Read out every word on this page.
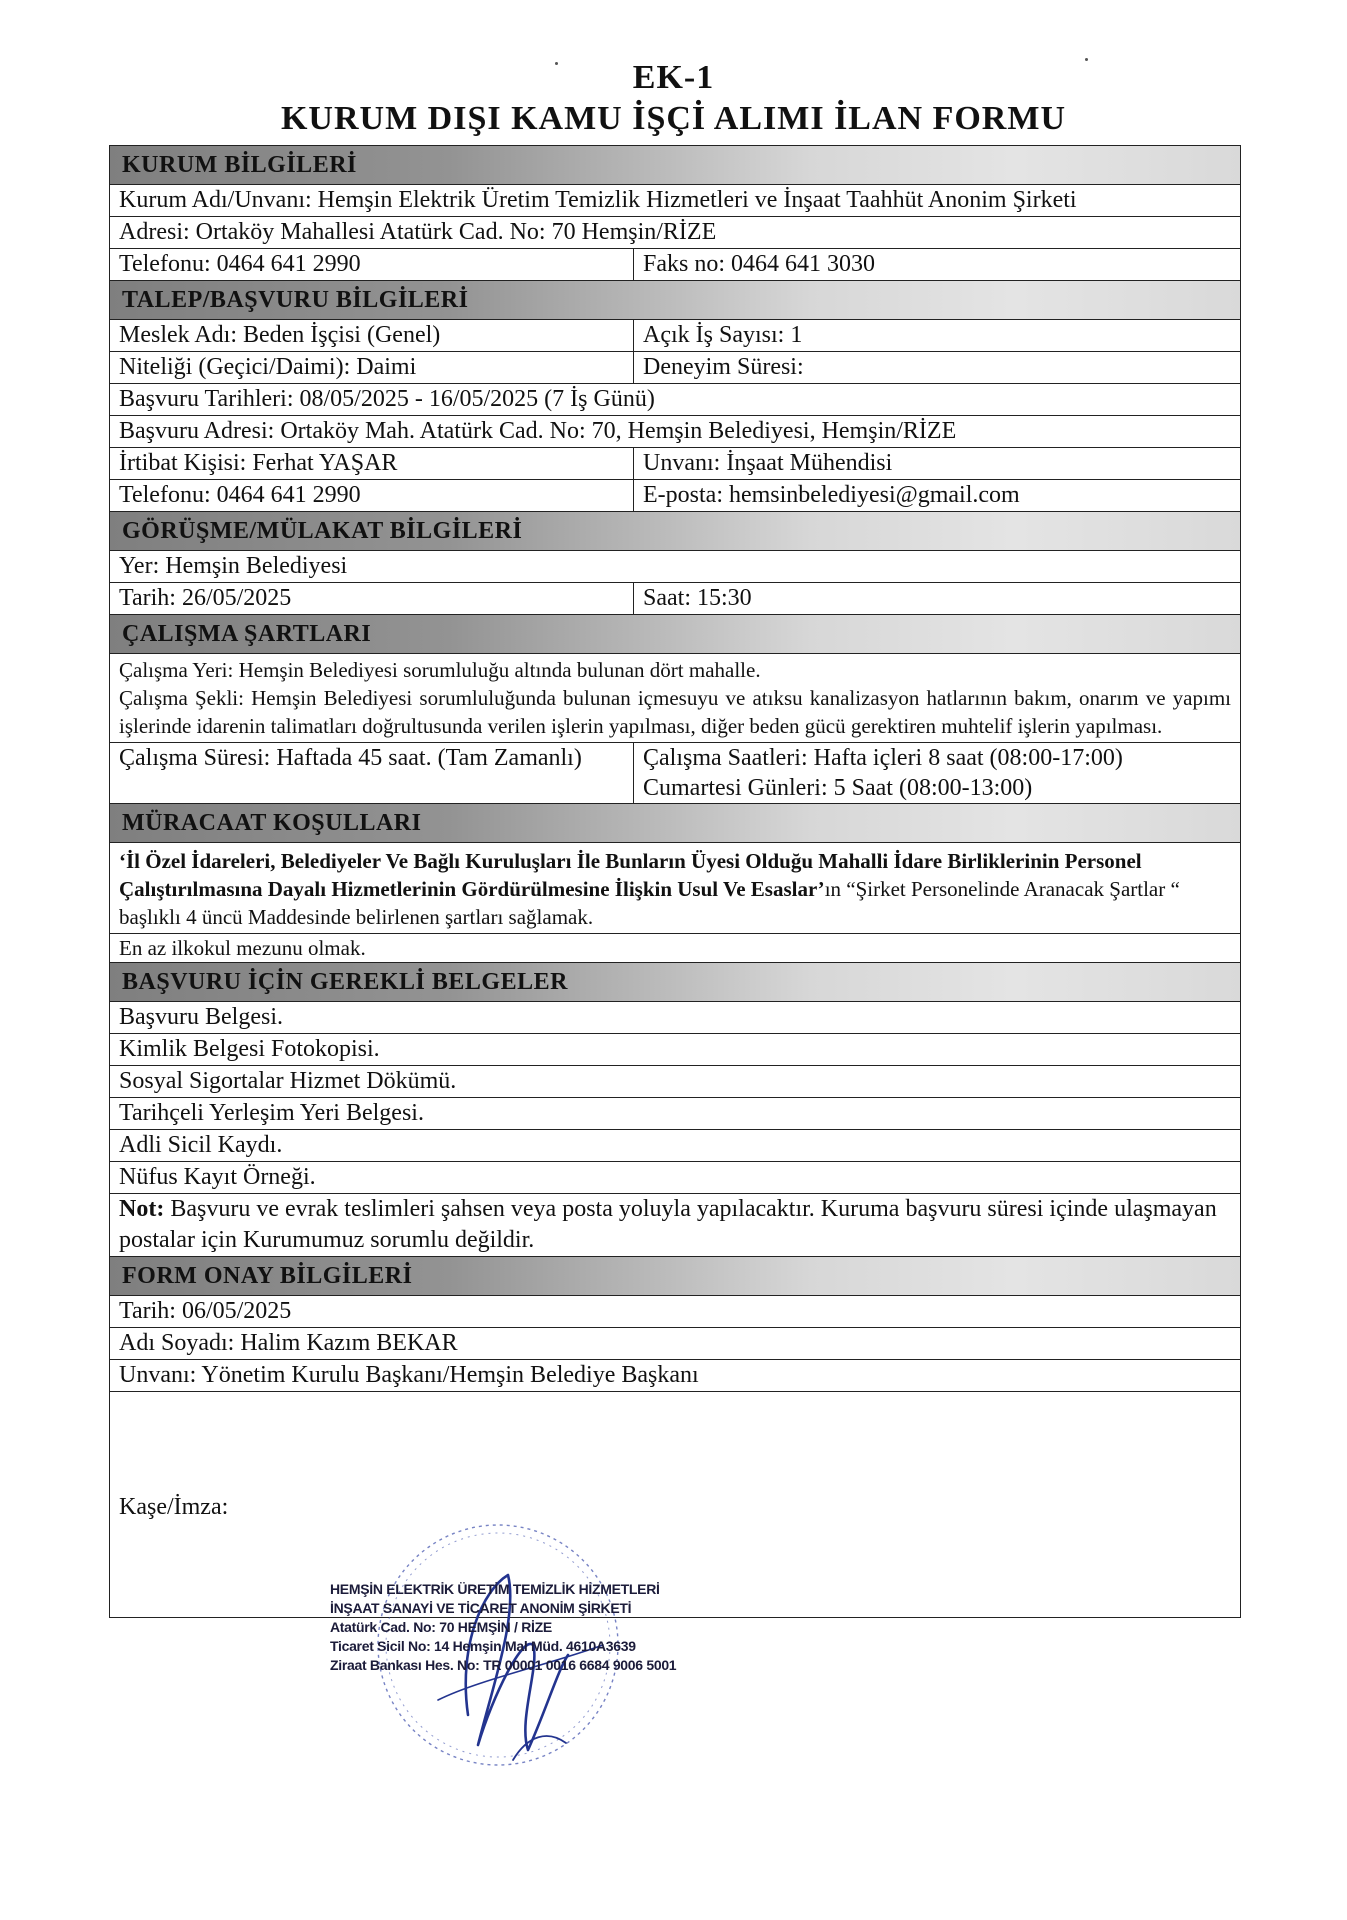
EK-1
KURUM DIŞI KAMU İŞÇİ ALIMI İLAN FORMU
KURUM BİLGİLERİ
Kurum Adı/Unvanı: Hemşin Elektrik Üretim Temizlik Hizmetleri ve İnşaat Taahhüt Anonim Şirketi
Adresi: Ortaköy Mahallesi Atatürk Cad. No: 70 Hemşin/RİZE
Telefonu: 0464 641 2990	Faks no: 0464 641 3030
TALEP/BAŞVURU BİLGİLERİ
Meslek Adı: Beden İşçisi (Genel)	Açık İş Sayısı: 1
Niteliği (Geçici/Daimi): Daimi	Deneyim Süresi:
Başvuru Tarihleri: 08/05/2025 - 16/05/2025 (7 İş Günü)
Başvuru Adresi: Ortaköy Mah. Atatürk Cad. No: 70, Hemşin Belediyesi, Hemşin/RİZE
İrtibat Kişisi: Ferhat YAŞAR	Unvanı: İnşaat Mühendisi
Telefonu: 0464 641 2990	E-posta: hemsinbelediyesi@gmail.com
GÖRÜŞME/MÜLAKAT BİLGİLERİ
Yer: Hemşin Belediyesi
Tarih: 26/05/2025	Saat: 15:30
ÇALIŞMA ŞARTLARI
Çalışma Yeri: Hemşin Belediyesi sorumluluğu altında bulunan dört mahalle.
Çalışma Şekli: Hemşin Belediyesi sorumluluğunda bulunan içmesuyu ve atıksu kanalizasyon hatlarının bakım, onarım ve yapımı işlerinde idarenin talimatları doğrultusunda verilen işlerin yapılması, diğer beden gücü gerektiren muhtelif işlerin yapılması.
Çalışma Süresi: Haftada 45 saat. (Tam Zamanlı)	Çalışma Saatleri: Hafta içleri 8 saat (08:00-17:00)
Cumartesi Günleri: 5 Saat (08:00-13:00)
MÜRACAAT KOŞULLARI
‘İl Özel İdareleri, Belediyeler Ve Bağlı Kuruluşları İle Bunların Üyesi Olduğu Mahalli İdare Birliklerinin Personel Çalıştırılmasına Dayalı Hizmetlerinin Gördürülmesine İlişkin Usul Ve Esaslar’ın “Şirket Personelinde Aranacak Şartlar “ başlıklı 4 üncü Maddesinde belirlenen şartları sağlamak.
En az ilkokul mezunu olmak.
BAŞVURU İÇİN GEREKLİ BELGELER
Başvuru Belgesi.
Kimlik Belgesi Fotokopisi.
Sosyal Sigortalar Hizmet Dökümü.
Tarihçeli Yerleşim Yeri Belgesi.
Adli Sicil Kaydı.
Nüfus Kayıt Örneği.
Not: Başvuru ve evrak teslimleri şahsen veya posta yoluyla yapılacaktır. Kuruma başvuru süresi içinde ulaşmayan postalar için Kurumumuz sorumlu değildir.
FORM ONAY BİLGİLERİ
Tarih: 06/05/2025
Adı Soyadı: Halim Kazım BEKAR
Unvanı: Yönetim Kurulu Başkanı/Hemşin Belediye Başkanı
Kaşe/İmza:
HEMŞİN ELEKTRİK ÜRETİM TEMİZLİK HİZMETLERİ
İNŞAAT SANAYİ VE TİCARET ANONİM ŞİRKETİ
Atatürk Cad. No: 70 HEMŞİN / RİZE
Ticaret Sicil No: 14 Hemşin Mal Müd. 4610A3639
Ziraat Bankası Hes. No: TR 00001 0016 6684 9006 5001
